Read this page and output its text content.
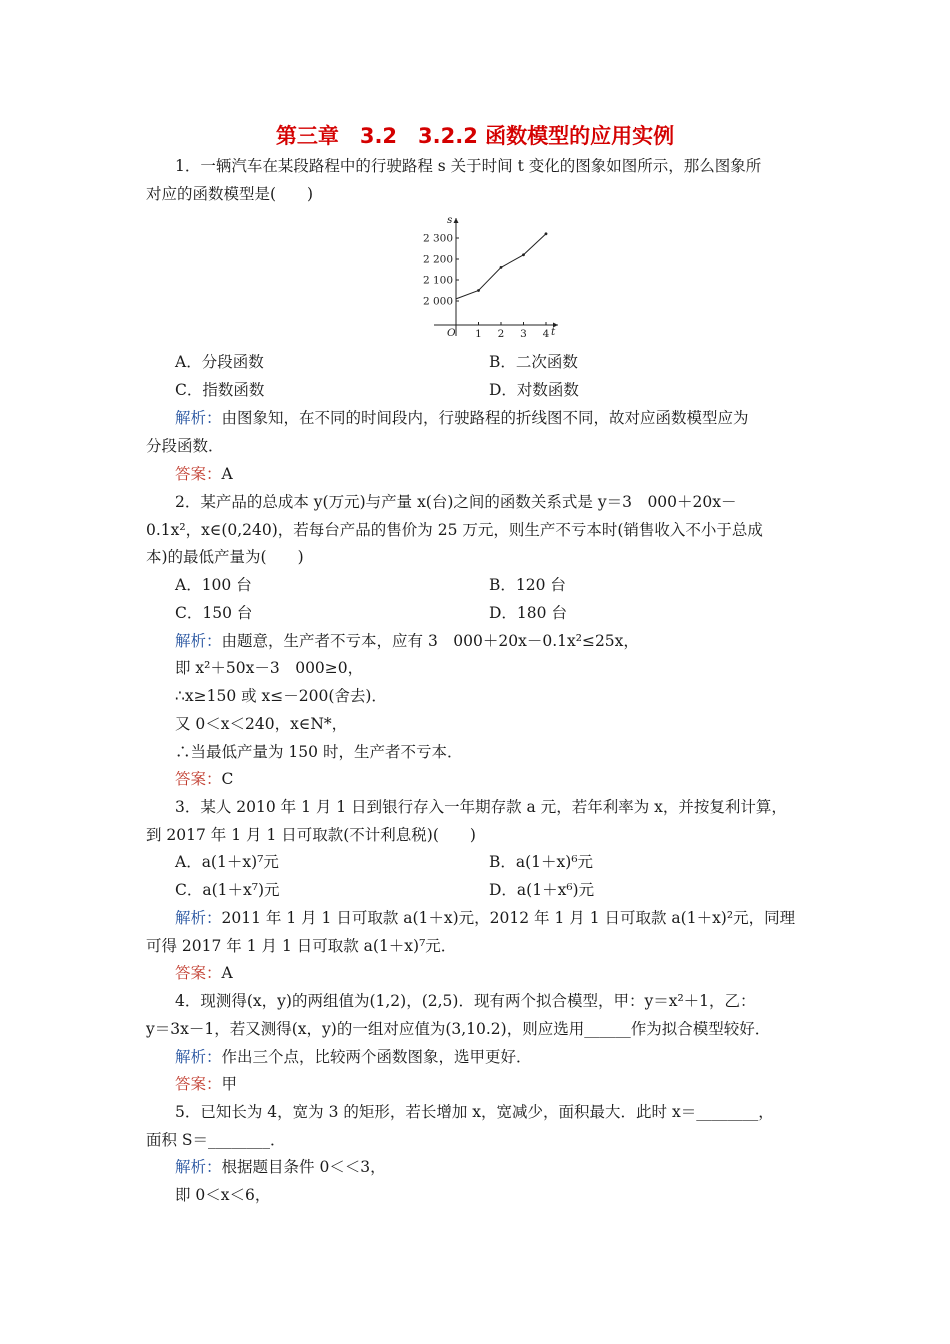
第三章　3.2　3.2.2 函数模型的应用实例
1．一辆汽车在某段路程中的行驶路程 s 关于时间 t 变化的图象如图所示，那么图象所
对应的函数模型是(　　)
O	t
s
1 2 3 4
2 000
2 100
2 200
2 300
A．分段函数	B．二次函数
C．指数函数	D．对数函数
解析：由图象知，在不同的时间段内，行驶路程的折线图不同，故对应函数模型应为
分段函数．
答案：A
2．某产品的总成本 y(万元)与产量 x(台)之间的函数关系式是 y＝3　000＋20x－
0.1x²，x∈(0,240)，若每台产品的售价为 25 万元，则生产不亏本时(销售收入不小于总成
本)的最低产量为(　　)
A．100 台	B．120 台
C．150 台	D．180 台
解析：由题意，生产者不亏本，应有 3　000＋20x－0.1x²≤25x，
即 x²＋50x－3　000≥0，
∴x≥150 或 x≤－200(舍去)．
又 0＜x＜240，x∈N*，
∴当最低产量为 150 时，生产者不亏本．
答案：C
3．某人 2010 年 1 月 1 日到银行存入一年期存款 a 元，若年利率为 x，并按复利计算，
到 2017 年 1 月 1 日可取款(不计利息税)(　　)
A．a(1＋x)⁷元	B．a(1＋x)⁶元
C．a(1＋x⁷)元	D．a(1＋x⁶)元
解析：2011 年 1 月 1 日可取款 a(1＋x)元，2012 年 1 月 1 日可取款 a(1＋x)²元，同理
可得 2017 年 1 月 1 日可取款 a(1＋x)⁷元．
答案：A
4．现测得(x，y)的两组值为(1,2)，(2,5)．现有两个拟合模型，甲：y＝x²＋1，乙：
y＝3x－1，若又测得(x，y)的一组对应值为(3,10.2)，则应选用______作为拟合模型较好．
解析：作出三个点，比较两个函数图象，选甲更好．
答案：甲
5．已知长为 4，宽为 3 的矩形，若长增加 x，宽减少，面积最大．此时 x＝________，
面积 S＝________．
解析：根据题目条件 0＜＜3，
即 0＜x＜6，
